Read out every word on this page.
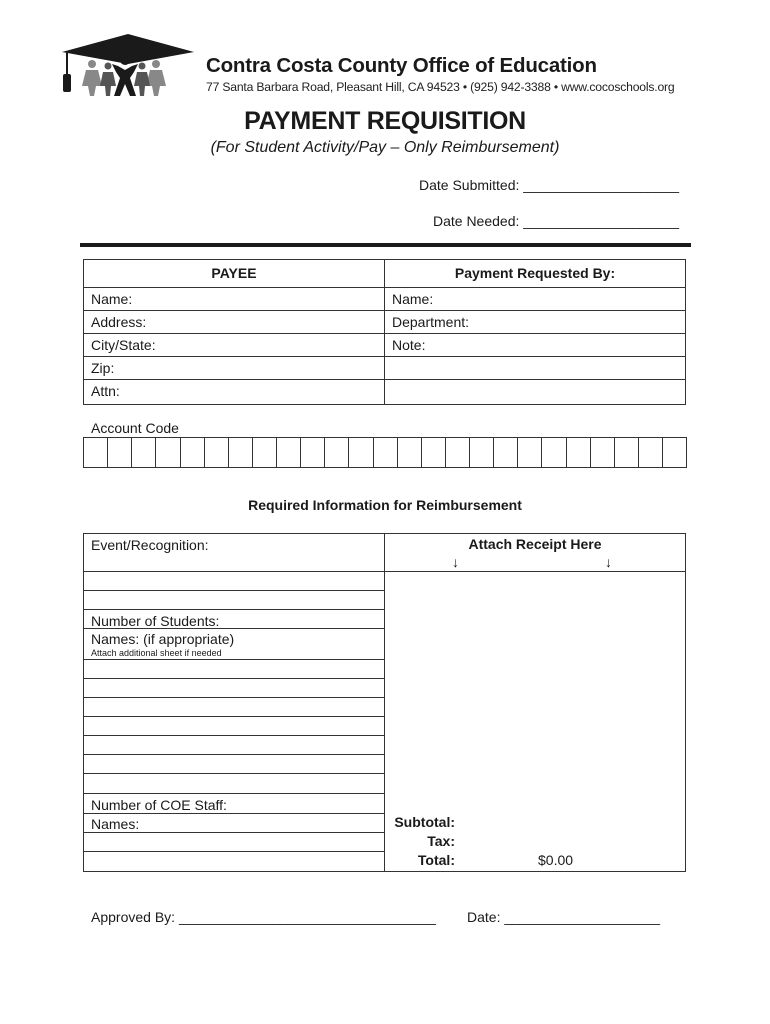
Contra Costa County Office of Education
77 Santa Barbara Road, Pleasant Hill, CA 94523 • (925) 942-3388 • www.cocoschools.org
PAYMENT REQUISITION
(For Student Activity/Pay – Only Reimbursement)
Date Submitted: ____________________
Date Needed: ____________________
PAYEE	Payment Requested By:
Name:	Name:
Address:	Department:
City/State:	Note:
Zip:
Attn:
Account Code
Required Information for Reimbursement
Event/Recognition:	Attach Receipt Here
↓	↓
Subtotal:
Tax:
Total:	$0.00
Number of Students:
Names: (if appropriate)
Attach additional sheet if needed
Number of COE Staff:
Names:
Approved By: _________________________________ Date: ____________________
